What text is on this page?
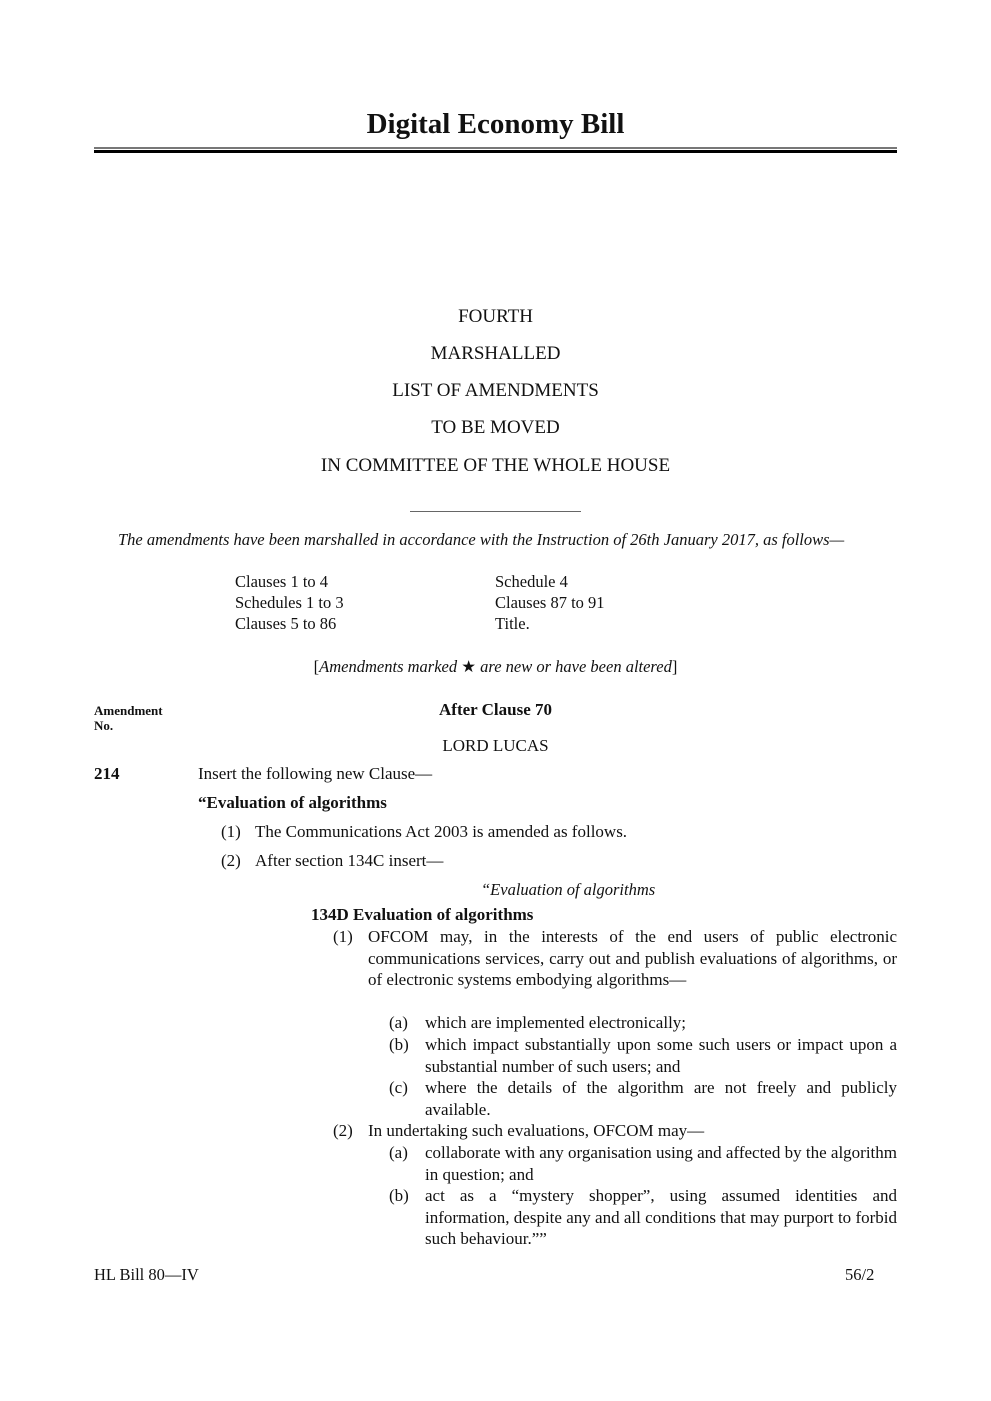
Digital Economy Bill
FOURTH
MARSHALLED
LIST OF AMENDMENTS
TO BE MOVED
IN COMMITTEE OF THE WHOLE HOUSE
The amendments have been marshalled in accordance with the Instruction of 26th January 2017, as follows—
Clauses 1 to 4
Schedules 1 to 3
Clauses 5 to 86
Schedule 4
Clauses 87 to 91
Title.
[Amendments marked ★ are new or have been altered]
Amendment
No.
After Clause 70
LORD LUCAS
214	Insert the following new Clause—
“Evaluation of algorithms
(1) The Communications Act 2003 is amended as follows.
(2) After section 134C insert—
“Evaluation of algorithms
134D Evaluation of algorithms
(1) OFCOM may, in the interests of the end users of public electronic communications services, carry out and publish evaluations of algorithms, or of electronic systems embodying algorithms—
(a) which are implemented electronically;
(b) which impact substantially upon some such users or impact upon a substantial number of such users; and
(c) where the details of the algorithm are not freely and publicly available.
(2) In undertaking such evaluations, OFCOM may—
(a) collaborate with any organisation using and affected by the algorithm in question; and
(b) act as a “mystery shopper”, using assumed identities and information, despite any and all conditions that may purport to forbid such behaviour.””
HL Bill 80—IV	56/2
